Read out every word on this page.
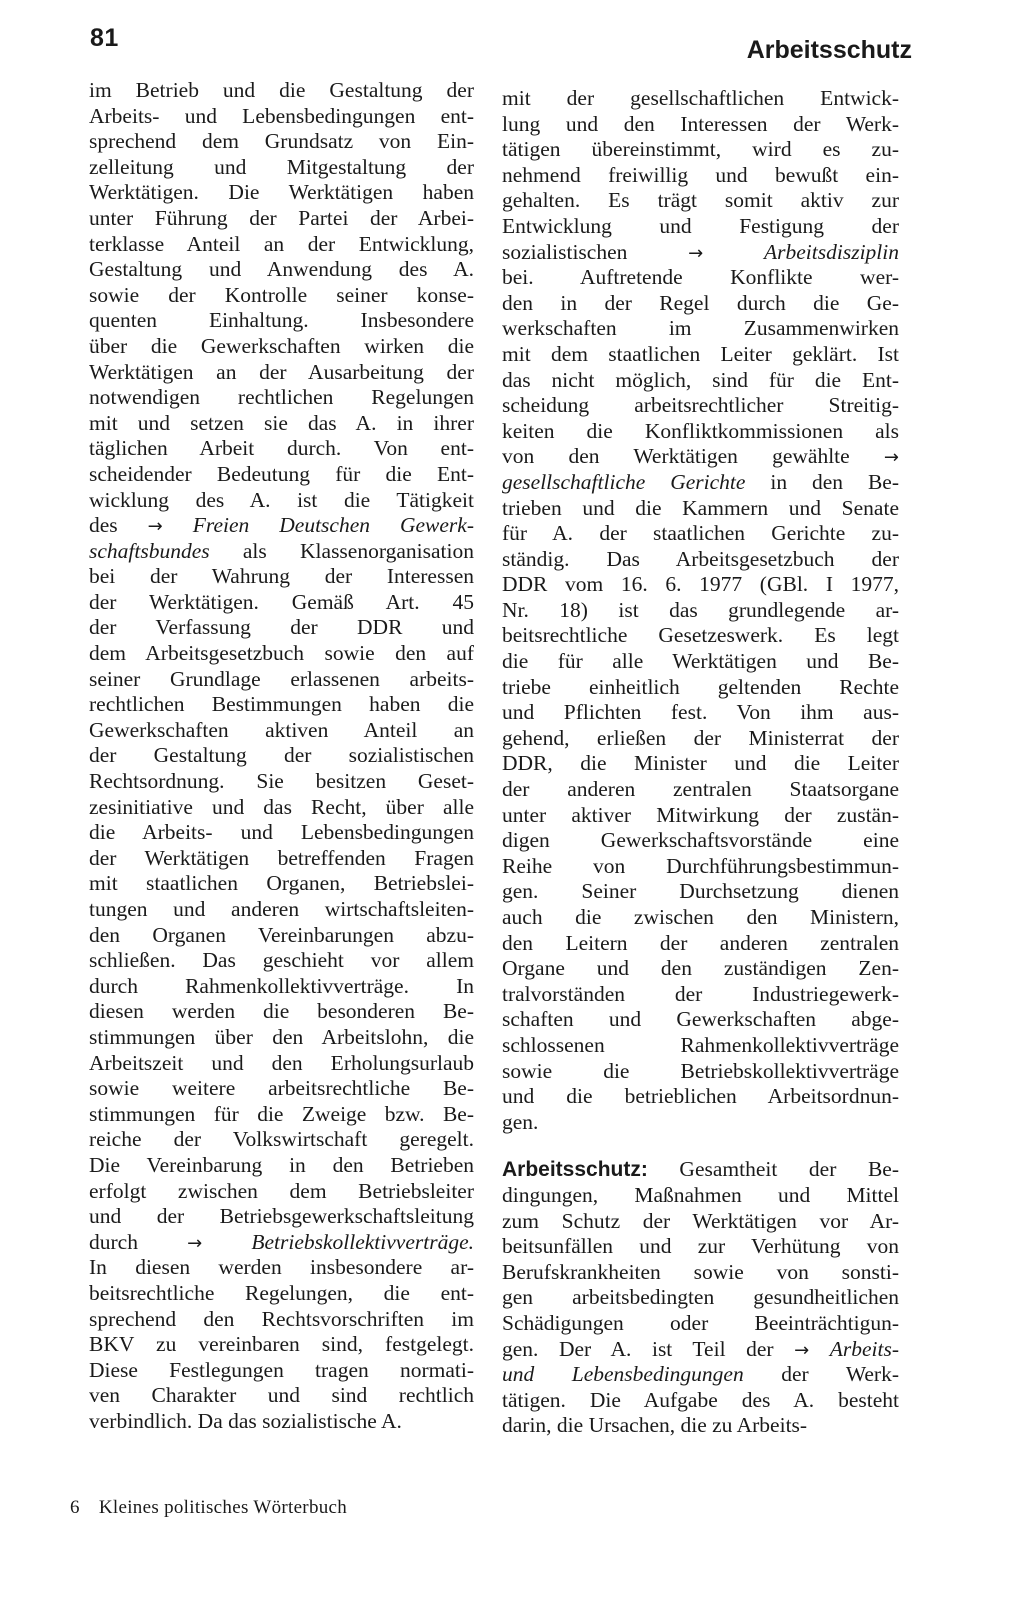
81	Arbeitsschutz
im Betrieb und die Gestaltung der
Arbeits- und Lebensbedingungen ent-
sprechend dem Grundsatz von Ein-
zelleitung und Mitgestaltung der
Werktätigen. Die Werktätigen haben
unter Führung der Partei der Arbei-
terklasse Anteil an der Entwicklung,
Gestaltung und Anwendung des A.
sowie der Kontrolle seiner konse-
quenten Einhaltung. Insbesondere
über die Gewerkschaften wirken die
Werktätigen an der Ausarbeitung der
notwendigen rechtlichen Regelungen
mit und setzen sie das A. in ihrer
täglichen Arbeit durch. Von ent-
scheidender Bedeutung für die Ent-
wicklung des A. ist die Tätigkeit
des → Freien Deutschen Gewerk-
schaftsbundes als Klassenorganisation
bei der Wahrung der Interessen
der Werktätigen. Gemäß Art. 45
der Verfassung der DDR und
dem Arbeitsgesetzbuch sowie den auf
seiner Grundlage erlassenen arbeits-
rechtlichen Bestimmungen haben die
Gewerkschaften aktiven Anteil an
der Gestaltung der sozialistischen
Rechtsordnung. Sie besitzen Geset-
zesinitiative und das Recht, über alle
die Arbeits- und Lebensbedingungen
der Werktätigen betreffenden Fragen
mit staatlichen Organen, Betriebslei-
tungen und anderen wirtschaftsleiten-
den Organen Vereinbarungen abzu-
schließen. Das geschieht vor allem
durch Rahmenkollektivverträge. In
diesen werden die besonderen Be-
stimmungen über den Arbeitslohn, die
Arbeitszeit und den Erholungsurlaub
sowie weitere arbeitsrechtliche Be-
stimmungen für die Zweige bzw. Be-
reiche der Volkswirtschaft geregelt.
Die Vereinbarung in den Betrieben
erfolgt zwischen dem Betriebsleiter
und der Betriebsgewerkschaftsleitung
durch → Betriebskollektivverträge.
In diesen werden insbesondere ar-
beitsrechtliche Regelungen, die ent-
sprechend den Rechtsvorschriften im
BKV zu vereinbaren sind, festgelegt.
Diese Festlegungen tragen normati-
ven Charakter und sind rechtlich
verbindlich. Da das sozialistische A.
mit der gesellschaftlichen Entwick-
lung und den Interessen der Werk-
tätigen übereinstimmt, wird es zu-
nehmend freiwillig und bewußt ein-
gehalten. Es trägt somit aktiv zur
Entwicklung und Festigung der
sozialistischen →	Arbeitsdisziplin
bei. Auftretende Konflikte wer-
den in der Regel durch die Ge-
werkschaften im Zusammenwirken
mit dem staatlichen Leiter geklärt. Ist
das nicht möglich, sind für die Ent-
scheidung arbeitsrechtlicher Streitig-
keiten die Konfliktkommissionen als
von den Werktätigen gewählte →
gesellschaftliche Gerichte in den Be-
trieben und die Kammern und Senate
für A. der staatlichen Gerichte zu-
ständig. Das Arbeitsgesetzbuch der
DDR vom 16. 6. 1977 (GBl. I 1977,
Nr. 18) ist das grundlegende ar-
beitsrechtliche Gesetzeswerk. Es legt
die für alle Werktätigen und Be-
triebe einheitlich geltenden Rechte
und Pflichten fest. Von ihm aus-
gehend, erließen der Ministerrat der
DDR, die Minister und die Leiter
der anderen zentralen Staatsorgane
unter aktiver Mitwirkung der zustän-
digen Gewerkschaftsvorstände eine
Reihe von Durchführungsbestimmun-
gen. Seiner Durchsetzung dienen
auch die zwischen den Ministern,
den Leitern der anderen zentralen
Organe und den zuständigen Zen-
tralvorständen der Industriegewerk-
schaften und Gewerkschaften abge-
schlossenen Rahmenkollektivverträge
sowie die Betriebskollektivverträge
und die betrieblichen Arbeitsordnun-
gen.
Arbeitsschutz: Gesamtheit der Be-
dingungen, Maßnahmen und Mittel
zum Schutz der Werktätigen vor Ar-
beitsunfällen und zur Verhütung von
Berufskrankheiten sowie von sonsti-
gen arbeitsbedingten gesundheitlichen
Schädigungen oder Beeinträchtigun-
gen. Der A. ist Teil der → Arbeits-
und Lebensbedingungen der Werk-
tätigen. Die Aufgabe des A. besteht
darin, die Ursachen, die zu Arbeits-
6 Kleines politisches Wörterbuch
